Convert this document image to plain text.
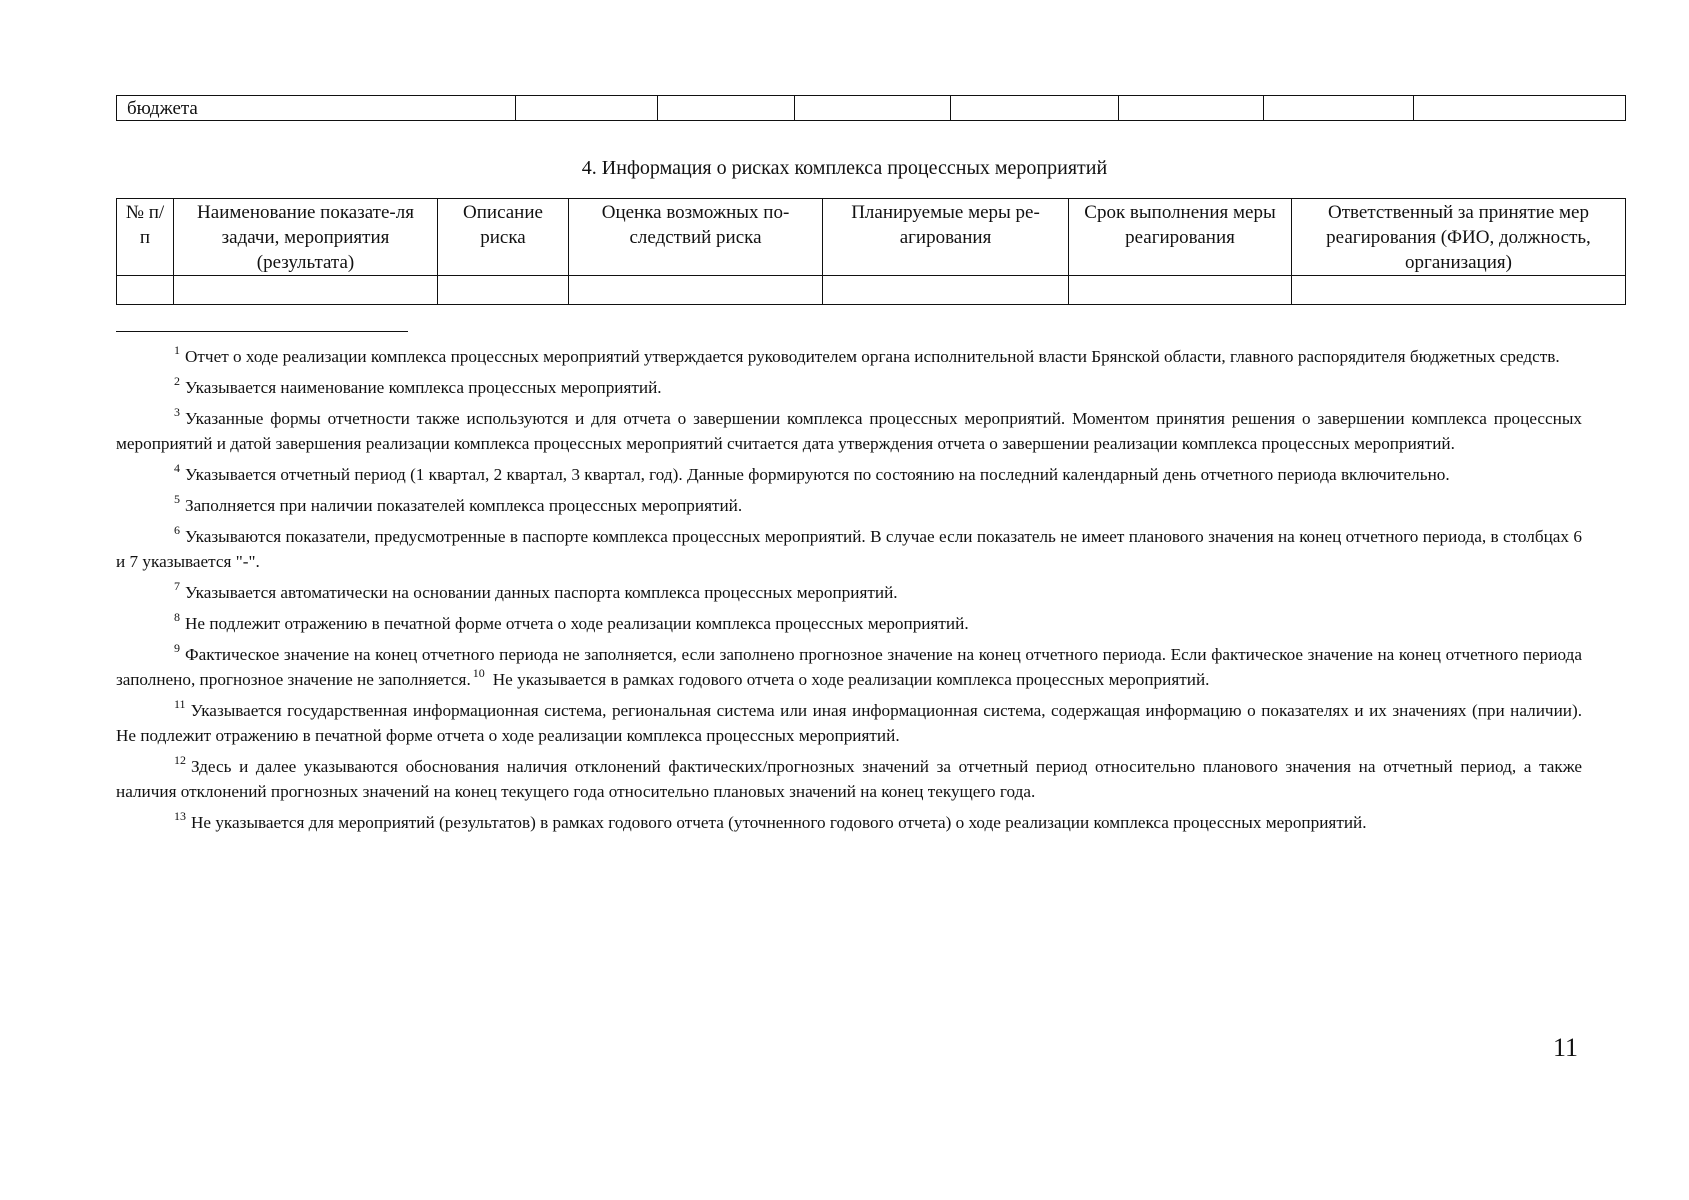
бюджета							
4. Информация о рисках комплекса процессных мероприятий
№ п/п	Наименование показате-ля задачи, мероприятия (результата)	Описание риска	Оценка возможных по-следствий риска	Планируемые меры ре-агирования	Срок выполнения меры реагирования	Ответственный за принятие мер реагирования (ФИО, должность, организация)

$^1$ Отчет о ходе реализации комплекса процессных мероприятий утверждается руководителем органа исполнительной власти Брянской области, главного распорядителя бюджетных средств.

$^2$ Указывается наименование комплекса процессных мероприятий.

$^3$ Указанные формы отчетности также используются и для отчета о завершении комплекса процессных мероприятий. Моментом принятия решения о завершении комплекса процессных мероприятий и датой завершения реализации комплекса процессных мероприятий считается дата утверждения отчета о завершении реализации комплекса процессных мероприятий.

$^4$ Указывается отчетный период (1 квартал, 2 квартал, 3 квартал, год). Данные формируются по состоянию на последний календарный день отчетного периода включительно.

$^5$ Заполняется при наличии показателей комплекса процессных мероприятий.

$^6$ Указываются показатели, предусмотренные в паспорте комплекса процессных мероприятий. В случае если показатель не имеет планового значения на конец отчетного периода, в столбцах 6 и 7 указывается "-".

$^7$ Указывается автоматически на основании данных паспорта комплекса процессных мероприятий.

$^8$ Не подлежит отражению в печатной форме отчета о ходе реализации комплекса процессных мероприятий.

$^9$ Фактическое значение на конец отчетного периода не заполняется, если заполнено прогнозное значение на конец отчетного периода. Если фактическое значение на конец отчетного периода заполнено, прогнозное значение не заполняется. $^{10}$ Не указывается в рамках годового отчета о ходе реализации комплекса процессных мероприятий.

$^{11}$ Указывается государственная информационная система, региональная система или иная информационная система, содержащая информацию о показателях и их значениях (при наличии). Не подлежит отражению в печатной форме отчета о ходе реализации комплекса процессных мероприятий.

$^{12}$ Здесь и далее указываются обоснования наличия отклонений фактических/прогнозных значений за отчетный период относительно планового значения на отчетный период, а также наличия отклонений прогнозных значений на конец текущего года относительно плановых значений на конец текущего года.

$^{13}$ Не указывается для мероприятий (результатов) в рамках годового отчета (уточненного годового отчета) о ходе реализации комплекса процессных мероприятий.

11
